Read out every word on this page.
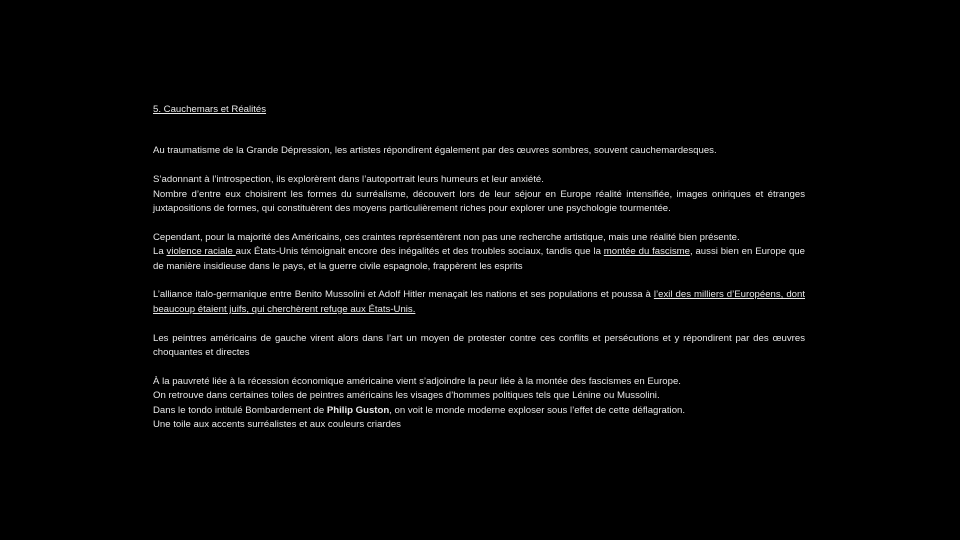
5. Cauchemars et Réalités

Au traumatisme de la Grande Dépression, les artistes répondirent également par des œuvres sombres, souvent cauchemardesques.

S’adonnant à l’introspection, ils explorèrent dans l’autoportrait leurs humeurs et leur anxiété.

Nombre d’entre eux choisirent les formes du surréalisme, découvert lors de leur séjour en Europe réalité intensifiée, images oniriques et étranges juxtapositions de formes, qui constituèrent des moyens particulièrement riches pour explorer une psychologie tourmentée.

Cependant, pour la majorité des Américains, ces craintes représentèrent non pas une recherche artistique, mais une réalité bien présente.

La violence raciale aux États-Unis témoignait encore des inégalités et des troubles sociaux, tandis que la montée du fascisme, aussi bien en Europe que de manière insidieuse dans le pays, et la guerre civile espagnole, frappèrent les esprits

L’alliance italo-germanique entre Benito Mussolini et Adolf Hitler menaçait les nations et ses populations et poussa à l’exil des milliers d’Européens, dont beaucoup étaient juifs, qui cherchèrent refuge aux États-Unis.

Les peintres américains de gauche virent alors dans l’art un moyen de protester contre ces conflits et persécutions et y répondirent par des œuvres choquantes et directes

À la pauvreté liée à la récession économique américaine vient s’adjoindre la peur liée à la montée des fascismes en Europe.

On retrouve dans certaines toiles de peintres américains les visages d’hommes politiques tels que Lénine ou Mussolini.

Dans le tondo intitulé Bombardement de Philip Guston, on voit le monde moderne exploser sous l’effet de cette déflagration.

Une toile aux accents surréalistes et aux couleurs criardes
